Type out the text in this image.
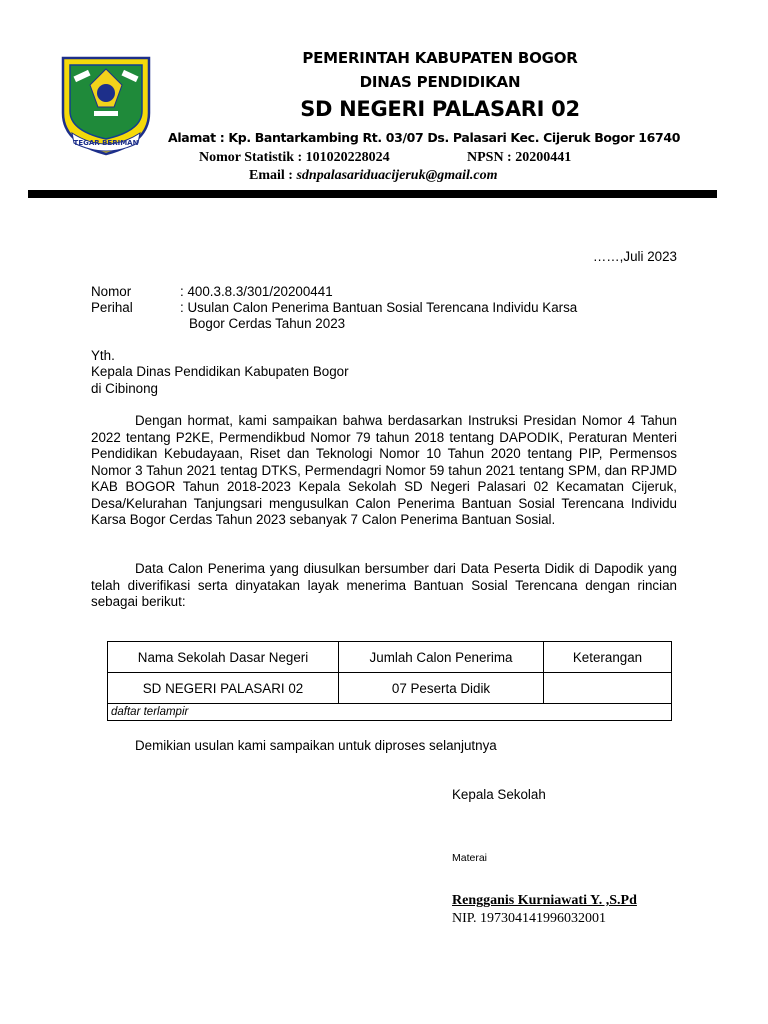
TEGAR BERIMAN
PEMERINTAH KABUPATEN BOGOR
DINAS PENDIDIKAN
SD NEGERI PALASARI 02
Alamat : Kp. Bantarkambing Rt. 03/07 Ds. Palasari Kec. Cijeruk Bogor 16740
Nomor Statistik : 101020228024	NPSN : 20200441
Email : sdnpalasariduacijeruk@gmail.com
……,Juli 2023
Nomor	: 400.3.8.3/301/20200441
Perihal	: Usulan Calon Penerima Bantuan Sosial Terencana Individu Karsa
Bogor Cerdas Tahun 2023
Yth.
Kepala Dinas Pendidikan Kabupaten Bogor
di Cibinong
Dengan hormat, kami sampaikan bahwa berdasarkan Instruksi Presidan Nomor 4 Tahun 2022 tentang P2KE, Permendikbud Nomor 79 tahun 2018 tentang DAPODIK, Peraturan Menteri Pendidikan Kebudayaan, Riset dan Teknologi Nomor 10 Tahun 2020 tentang PIP, Permensos Nomor 3 Tahun 2021 tentag DTKS, Permendagri Nomor 59 tahun 2021 tentang SPM, dan RPJMD KAB BOGOR Tahun 2018-2023 Kepala Sekolah SD Negeri Palasari 02 Kecamatan Cijeruk, Desa/Kelurahan Tanjungsari mengusulkan Calon Penerima Bantuan Sosial Terencana Individu Karsa Bogor Cerdas Tahun 2023 sebanyak 7 Calon Penerima Bantuan Sosial.
Data Calon Penerima yang diusulkan bersumber dari Data Peserta Didik di Dapodik yang telah diverifikasi serta dinyatakan layak menerima Bantuan Sosial Terencana dengan rincian sebagai berikut:
Nama Sekolah Dasar Negeri	Jumlah Calon Penerima	Keterangan
SD NEGERI PALASARI 02	07 Peserta Didik	
daftar terlampir		
Demikian usulan kami sampaikan untuk diproses selanjutnya
Kepala Sekolah
Materai
Rengganis Kurniawati Y. ,S.Pd
NIP. 197304141996032001
